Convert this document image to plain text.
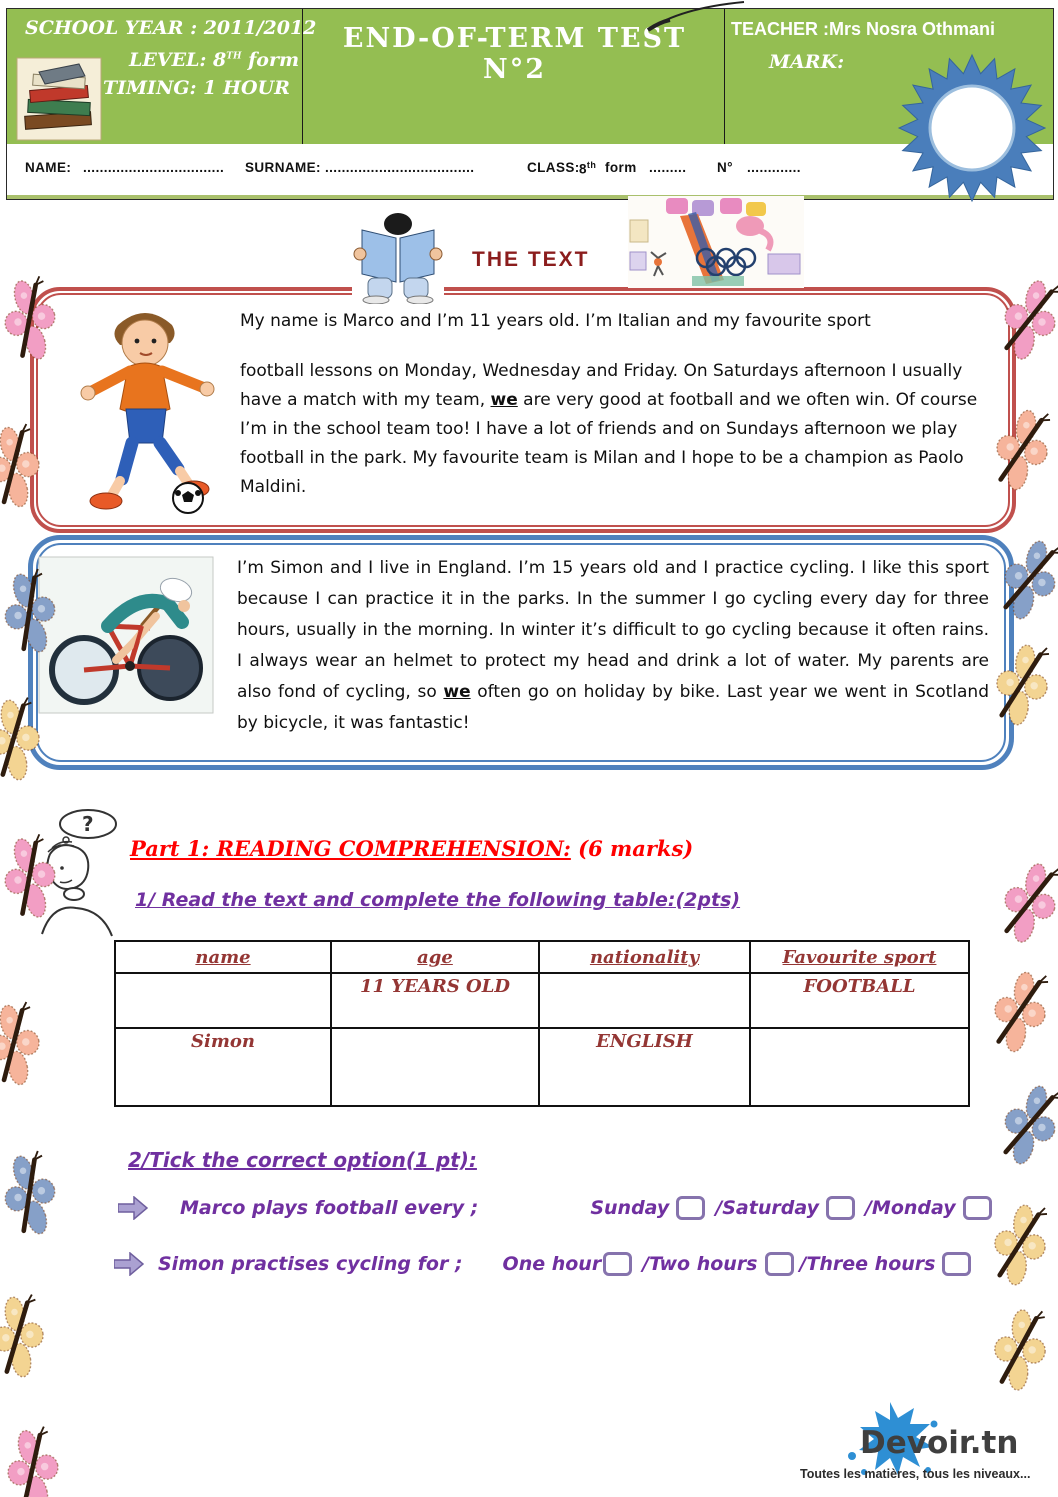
SCHOOL YEAR : 2011/2012
LEVEL: 8TH form
TIMING: 1 HOUR
END-OF-TERM TEST N°2
TEACHER :Mrs Nosra Othmani
MARK:
NAME: .................................. SURNAME: ....................................	CLASS: 8th form ......... N° .............
THE TEXT
My name is Marco and I’m 11 years old. I’m Italian and my favourite sport
football lessons on Monday, Wednesday and Friday. On Saturdays afternoon I usually have a match with my team, we are very good at football and we often win. Of course I’m in the school team too! I have a lot of friends and on Sundays afternoon we play football in the park. My favourite team is Milan and I hope to be a champion as Paolo Maldini.
I’m Simon and I live in England. I’m 15 years old and I practice cycling. I like this sport because I can practice it in the parks. In the summer I go cycling every day for three hours, usually in the morning. In winter it’s difficult to go cycling because it often rains. I always wear an helmet to protect my head and drink a lot of water. My parents are also fond of cycling, so we often go on holiday by bike. Last year we went in Scotland by bicycle, it was fantastic!
?
Part 1: READING COMPREHENSION: (6 marks)
1/ Read the text and complete the following table:(2pts)
name	age	nationality	Favourite sport
	11 YEARS OLD		FOOTBALL
Simon		ENGLISH	
2/Tick the correct option(1 pt):
Marco plays football every ;	Sunday /Saturday /Monday
Simon practises cycling for ; One hour /Two hours /Three hours
Devoir.tn
Toutes les matières, tous les niveaux...
